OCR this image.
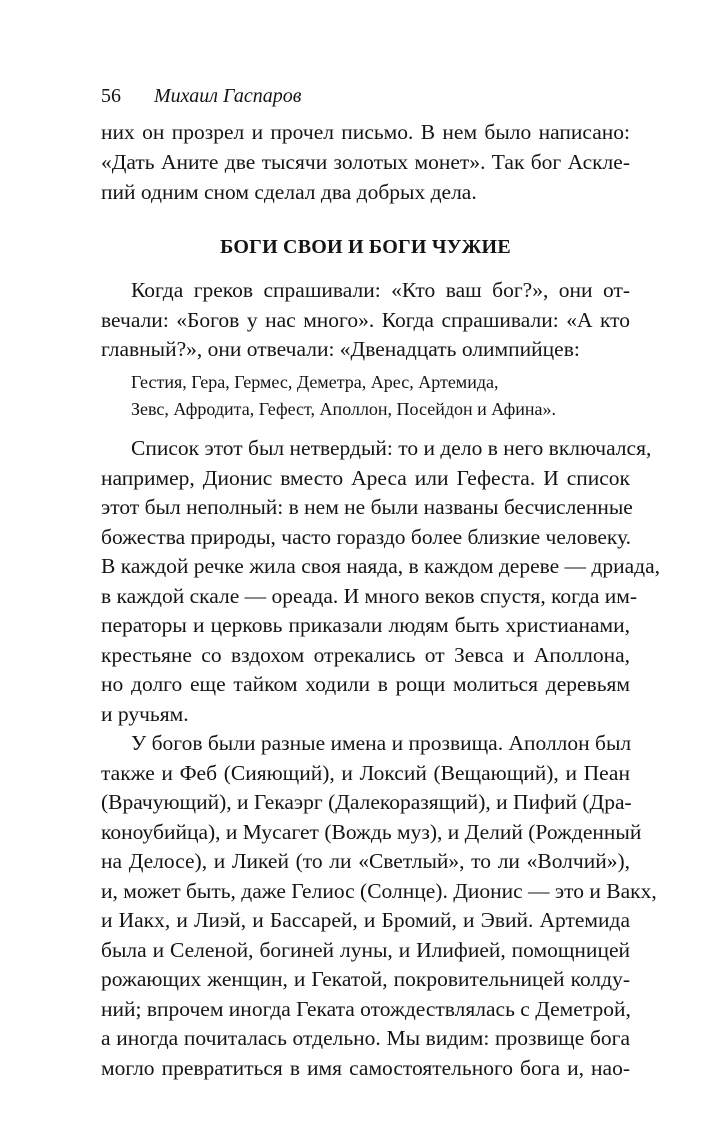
56 Михаил Гаспаров
них он прозрел и прочел письмо. В нем было написано:
«Дать Аните две тысячи золотых монет». Так бог Аскле-
пий одним сном сделал два добрых дела.
БОГИ СВОИ И БОГИ ЧУЖИЕ
Когда греков спрашивали: «Кто ваш бог?», они от-
вечали: «Богов у нас много». Когда спрашивали: «А кто
главный?», они отвечали: «Двенадцать олимпийцев:
Гестия, Гера, Гермес, Деметра, Арес, Артемида,
Зевс, Афродита, Гефест, Аполлон, Посейдон и Афина».
Список этот был нетвердый: то и дело в него включался,
например, Дионис вместо Ареса или Гефеста. И список
этот был неполный: в нем не были названы бесчисленные
божества природы, часто гораздо более близкие человеку.
В каждой речке жила своя наяда, в каждом дереве — дриада,
в каждой скале — ореада. И много веков спустя, когда им-
ператоры и церковь приказали людям быть христианами,
крестьяне со вздохом отрекались от Зевса и Аполлона,
но долго еще тайком ходили в рощи молиться деревьям
и ручьям.
У богов были разные имена и прозвища. Аполлон был
также и Феб (Сияющий), и Локсий (Вещающий), и Пеан
(Врачующий), и Гекаэрг (Далекоразящий), и Пифий (Дра-
коноубийца), и Мусагет (Вождь муз), и Делий (Рожденный
на Делосе), и Ликей (то ли «Светлый», то ли «Волчий»),
и, может быть, даже Гелиос (Солнце). Дионис — это и Вакх,
и Иакх, и Лиэй, и Бассарей, и Бромий, и Эвий. Артемида
была и Селеной, богиней луны, и Илифией, помощницей
рожающих женщин, и Гекатой, покровительницей колду-
ний; впрочем иногда Геката отождествлялась с Деметрой,
а иногда почиталась отдельно. Мы видим: прозвище бога
могло превратиться в имя самостоятельного бога и, нао-
